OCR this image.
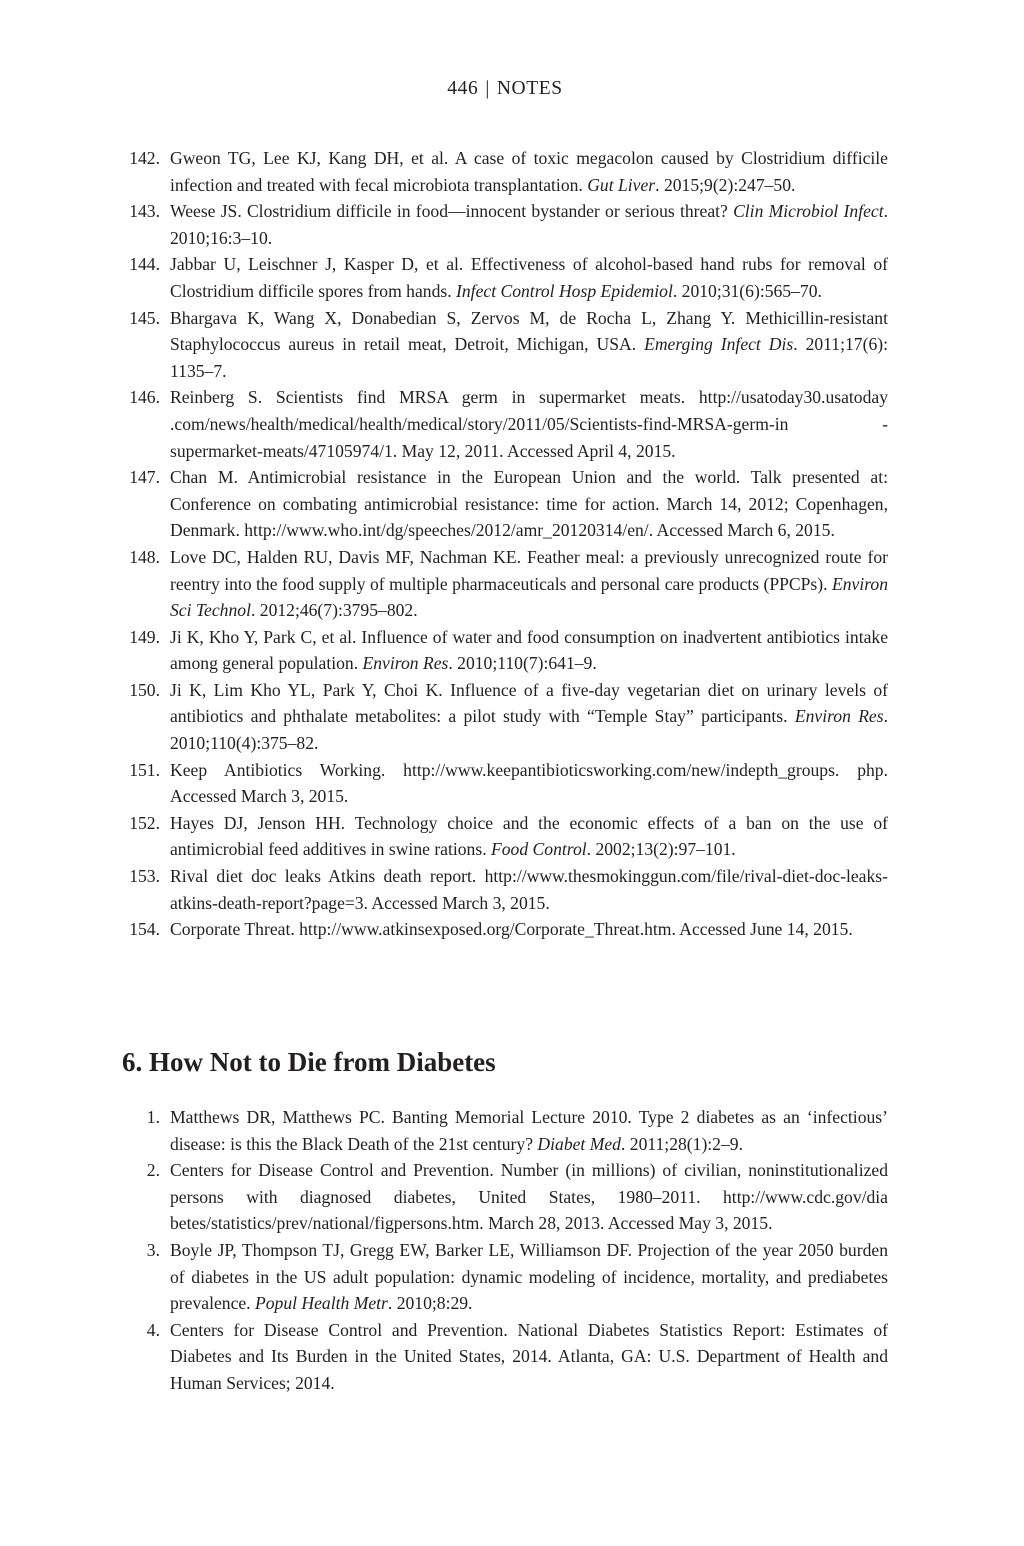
446 | NOTES
142. Gweon TG, Lee KJ, Kang DH, et al. A case of toxic megacolon caused by Clostridium difficile infection and treated with fecal microbiota transplantation. Gut Liver. 2015;9(2):247–50.
143. Weese JS. Clostridium difficile in food—innocent bystander or serious threat? Clin Microbiol Infect. 2010;16:3–10.
144. Jabbar U, Leischner J, Kasper D, et al. Effectiveness of alcohol-based hand rubs for removal of Clostridium difficile spores from hands. Infect Control Hosp Epidemiol. 2010;31(6):565–70.
145. Bhargava K, Wang X, Donabedian S, Zervos M, de Rocha L, Zhang Y. Methicillin-resistant Staphylococcus aureus in retail meat, Detroit, Michigan, USA. Emerging Infect Dis. 2011;17(6): 1135–7.
146. Reinberg S. Scientists find MRSA germ in supermarket meats. http://usatoday30.usatoday .com/news/health/medical/health/medical/story/2011/05/Scientists-find-MRSA-germ-in -supermarket-meats/47105974/1. May 12, 2011. Accessed April 4, 2015.
147. Chan M. Antimicrobial resistance in the European Union and the world. Talk presented at: Conference on combating antimicrobial resistance: time for action. March 14, 2012; Copenhagen, Denmark. http://www.who.int/dg/speeches/2012/amr_20120314/en/. Accessed March 6, 2015.
148. Love DC, Halden RU, Davis MF, Nachman KE. Feather meal: a previously unrecognized route for reentry into the food supply of multiple pharmaceuticals and personal care products (PPCPs). Environ Sci Technol. 2012;46(7):3795–802.
149. Ji K, Kho Y, Park C, et al. Influence of water and food consumption on inadvertent antibiotics intake among general population. Environ Res. 2010;110(7):641–9.
150. Ji K, Lim Kho YL, Park Y, Choi K. Influence of a five-day vegetarian diet on urinary levels of antibiotics and phthalate metabolites: a pilot study with “Temple Stay” participants. Environ Res. 2010;110(4):375–82.
151. Keep Antibiotics Working. http://www.keepantibioticsworking.com/new/indepth_groups. php. Accessed March 3, 2015.
152. Hayes DJ, Jenson HH. Technology choice and the economic effects of a ban on the use of antimicrobial feed additives in swine rations. Food Control. 2002;13(2):97–101.
153. Rival diet doc leaks Atkins death report. http://www.thesmokinggun.com/file/rival-diet-doc-leaks-atkins-death-report?page=3. Accessed March 3, 2015.
154. Corporate Threat. http://www.atkinsexposed.org/Corporate_Threat.htm. Accessed June 14, 2015.
6. How Not to Die from Diabetes
1. Matthews DR, Matthews PC. Banting Memorial Lecture 2010. Type 2 diabetes as an ‘infectious’ disease: is this the Black Death of the 21st century? Diabet Med. 2011;28(1):2–9.
2. Centers for Disease Control and Prevention. Number (in millions) of civilian, noninstitutionalized persons with diagnosed diabetes, United States, 1980–2011. http://www.cdc.gov/dia betes/statistics/prev/national/figpersons.htm. March 28, 2013. Accessed May 3, 2015.
3. Boyle JP, Thompson TJ, Gregg EW, Barker LE, Williamson DF. Projection of the year 2050 burden of diabetes in the US adult population: dynamic modeling of incidence, mortality, and prediabetes prevalence. Popul Health Metr. 2010;8:29.
4. Centers for Disease Control and Prevention. National Diabetes Statistics Report: Estimates of Diabetes and Its Burden in the United States, 2014. Atlanta, GA: U.S. Department of Health and Human Services; 2014.
